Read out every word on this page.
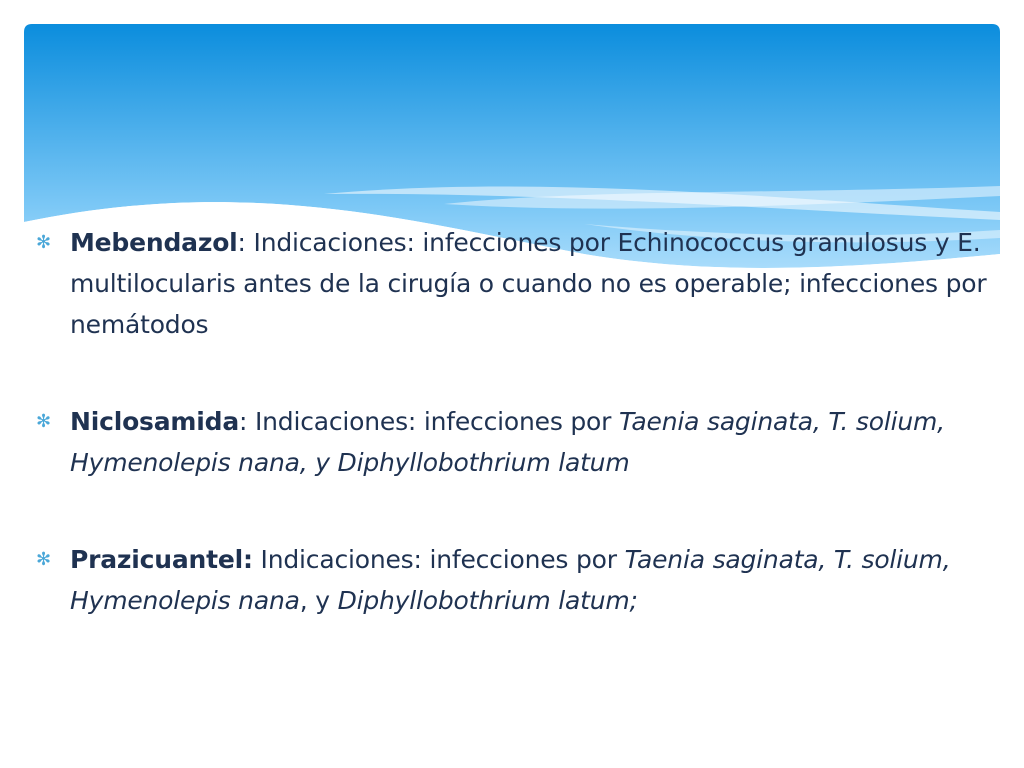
✻ Mebendazol: Indicaciones: infecciones por Echinococcus granulosus y E. multilocularis antes de la cirugía o cuando no es operable; infecciones por nemátodos
✻ Niclosamida: Indicaciones: infecciones por Taenia saginata, T. solium, Hymenolepis nana, y Diphyllobothrium latum
✻ Prazicuantel: Indicaciones: infecciones por Taenia saginata, T. solium, Hymenolepis nana, y Diphyllobothrium latum;
